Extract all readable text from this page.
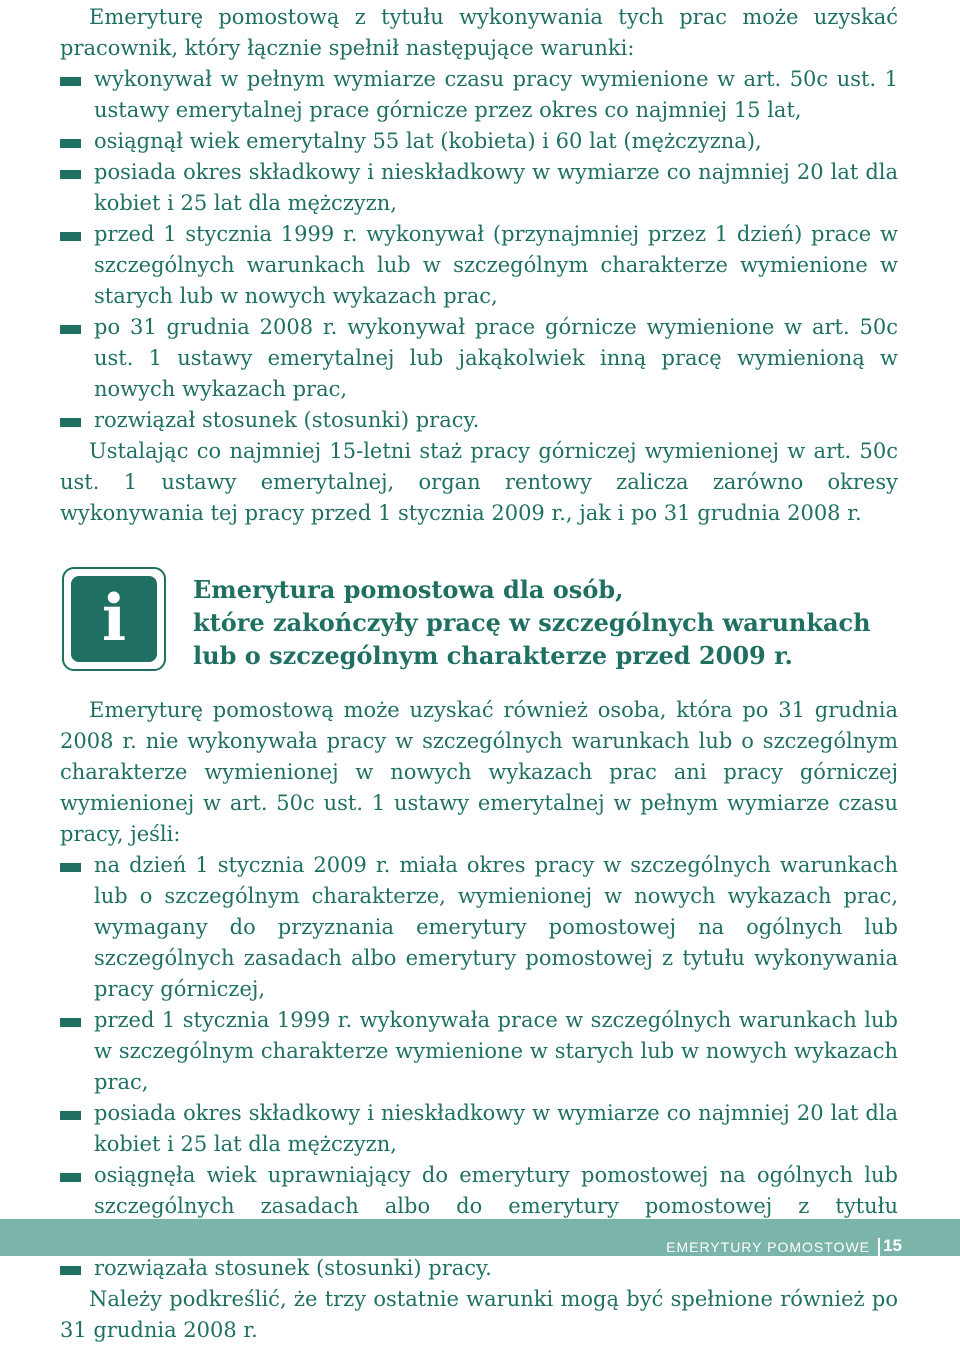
Emeryturę pomostową z tytułu wykonywania tych prac może uzyskać pracownik, który łącznie spełnił następujące warunki:

wykonywał w pełnym wymiarze czasu pracy wymienione w art. 50c ust. 1 ustawy emerytalnej prace górnicze przez okres co najmniej 15 lat,
osiągnął wiek emerytalny 55 lat (kobieta) i 60 lat (mężczyzna),
posiada okres składkowy i nieskładkowy w wymiarze co najmniej 20 lat dla kobiet i 25 lat dla mężczyzn,
przed 1 stycznia 1999 r. wykonywał (przynajmniej przez 1 dzień) prace w szczególnych warunkach lub w szczególnym charakterze wymienione w starych lub w nowych wykazach prac,
po 31 grudnia 2008 r. wykonywał prace górnicze wymienione w art. 50c ust. 1 ustawy emerytalnej lub jakąkolwiek inną pracę wymienioną w nowych wykazach prac,
rozwiązał stosunek (stosunki) pracy.

Ustalając co najmniej 15-letni staż pracy górniczej wymienionej w art. 50c ust. 1 ustawy emerytalnej, organ rentowy zalicza zarówno okresy wykonywania tej pracy przed 1 stycznia 2009 r., jak i po 31 grudnia 2008 r.

i	Emerytura pomostowa dla osób,
które zakończyły pracę w szczególnych warunkach
lub o szczególnym charakterze przed 2009 r.

Emeryturę pomostową może uzyskać również osoba, która po 31 grudnia 2008 r. nie wykonywała pracy w szczególnych warunkach lub o szczególnym charakterze wymienionej w nowych wykazach prac ani pracy górniczej wymienionej w art. 50c ust. 1 ustawy emerytalnej w pełnym wymiarze czasu pracy, jeśli:

na dzień 1 stycznia 2009 r. miała okres pracy w szczególnych warunkach lub o szczególnym charakterze, wymienionej w nowych wykazach prac, wymagany do przyznania emerytury pomostowej na ogólnych lub szczególnych zasadach albo emerytury pomostowej z tytułu wykonywania pracy górniczej,
przed 1 stycznia 1999 r. wykonywała prace w szczególnych warunkach lub w szczególnym charakterze wymienione w starych lub w nowych wykazach prac,
posiada okres składkowy i nieskładkowy w wymiarze co najmniej 20 lat dla kobiet i 25 lat dla mężczyzn,
osiągnęła wiek uprawniający do emerytury pomostowej na ogólnych lub szczególnych zasadach albo do emerytury pomostowej z tytułu
rozwiązała stosunek (stosunki) pracy.

Należy podkreślić, że trzy ostatnie warunki mogą być spełnione również po 31 grudnia 2008 r.

EMERYTURY POMOSTOWE 15
